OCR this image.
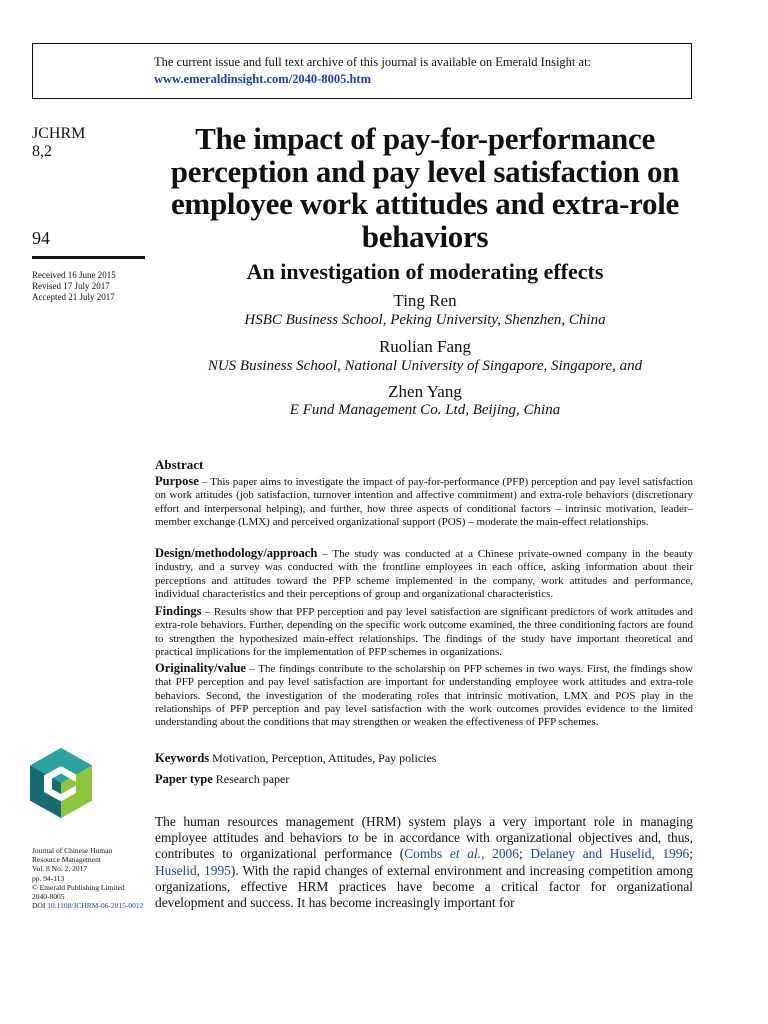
The current issue and full text archive of this journal is available on Emerald Insight at:
www.emeraldinsight.com/2040-8005.htm
JCHRM
8,2
94
Received 16 June 2015
Revised 17 July 2017
Accepted 21 July 2017
The impact of pay-for-performance perception and pay level satisfaction on employee work attitudes and extra-role behaviors
An investigation of moderating effects
Ting Ren
HSBC Business School, Peking University, Shenzhen, China
Ruolian Fang
NUS Business School, National University of Singapore, Singapore, and
Zhen Yang
E Fund Management Co. Ltd, Beijing, China
Abstract
Purpose – This paper aims to investigate the impact of pay-for-performance (PFP) perception and pay level satisfaction on work attitudes (job satisfaction, turnover intention and affective commitment) and extra-role behaviors (discretionary effort and interpersonal helping), and further, how three aspects of conditional factors – intrinsic motivation, leader–member exchange (LMX) and perceived organizational support (POS) – moderate the main-effect relationships.
Design/methodology/approach – The study was conducted at a Chinese private-owned company in the beauty industry, and a survey was conducted with the frontline employees in each office, asking information about their perceptions and attitudes toward the PFP scheme implemented in the company, work attitudes and performance, individual characteristics and their perceptions of group and organizational characteristics.
Findings – Results show that PFP perception and pay level satisfaction are significant predictors of work attitudes and extra-role behaviors. Further, depending on the specific work outcome examined, the three conditioning factors are found to strengthen the hypothesized main-effect relationships. The findings of the study have important theoretical and practical implications for the implementation of PFP schemes in organizations.
Originality/value – The findings contribute to the scholarship on PFP schemes in two ways. First, the findings show that PFP perception and pay level satisfaction are important for understanding employee work attitudes and extra-role behaviors. Second, the investigation of the moderating roles that intrinsic motivation, LMX and POS play in the relationships of PFP perception and pay level satisfaction with the work outcomes provides evidence to the limited understanding about the conditions that may strengthen or weaken the effectiveness of PFP schemes.
Keywords Motivation, Perception, Attitudes, Pay policies
Paper type Research paper
The human resources management (HRM) system plays a very important role in managing employee attitudes and behaviors to be in accordance with organizational objectives and, thus, contributes to organizational performance (Combs et al., 2006; Delaney and Huselid, 1996; Huselid, 1995). With the rapid changes of external environment and increasing competition among organizations, effective HRM practices have become a critical factor for organizational development and success. It has become increasingly important for
Journal of Chinese Human
Resource Management
Vol. 8 No. 2, 2017
pp. 94-113
© Emerald Publishing Limited
2040-8005
DOI 10.1108/JCHRM-06-2015-0012
